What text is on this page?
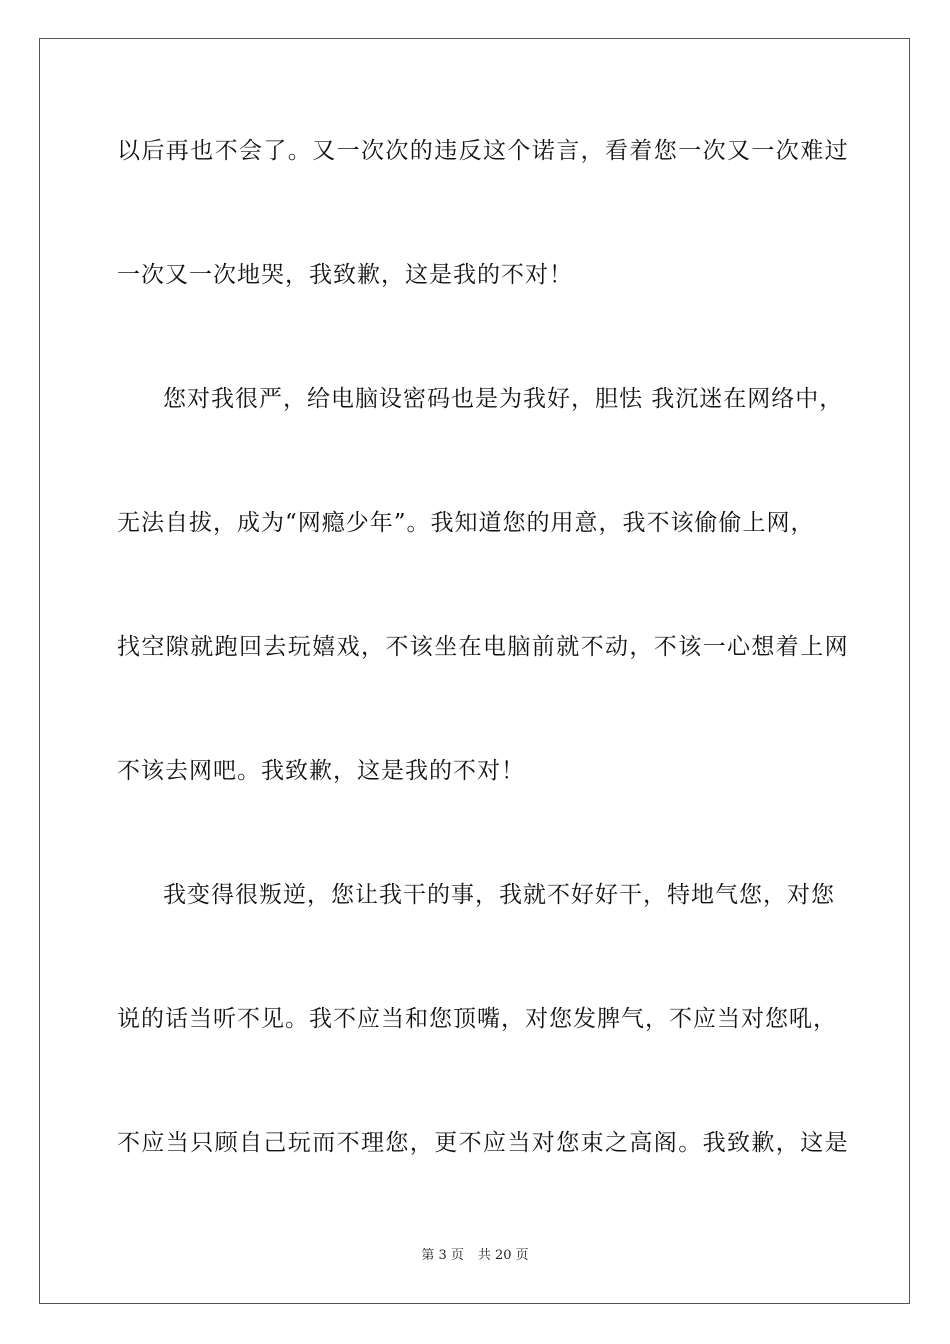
以后再也不会了。又一次次的违反这个诺言，看着您一次又一次难过
一次又一次地哭，我致歉，这是我的不对！
您对我很严，给电脑设密码也是为我好，胆怯 我沉迷在网络中，
无法自拔，成为“网瘾少年”。我知道您的用意，我不该偷偷上网，
找空隙就跑回去玩嬉戏，不该坐在电脑前就不动，不该一心想着上网
不该去网吧。我致歉，这是我的不对！
我变得很叛逆，您让我干的事，我就不好好干，特地气您，对您
说的话当听不见。我不应当和您顶嘴，对您发脾气，不应当对您吼，
不应当只顾自己玩而不理您，更不应当对您束之高阁。我致歉，这是
第 3 页 共 20 页
